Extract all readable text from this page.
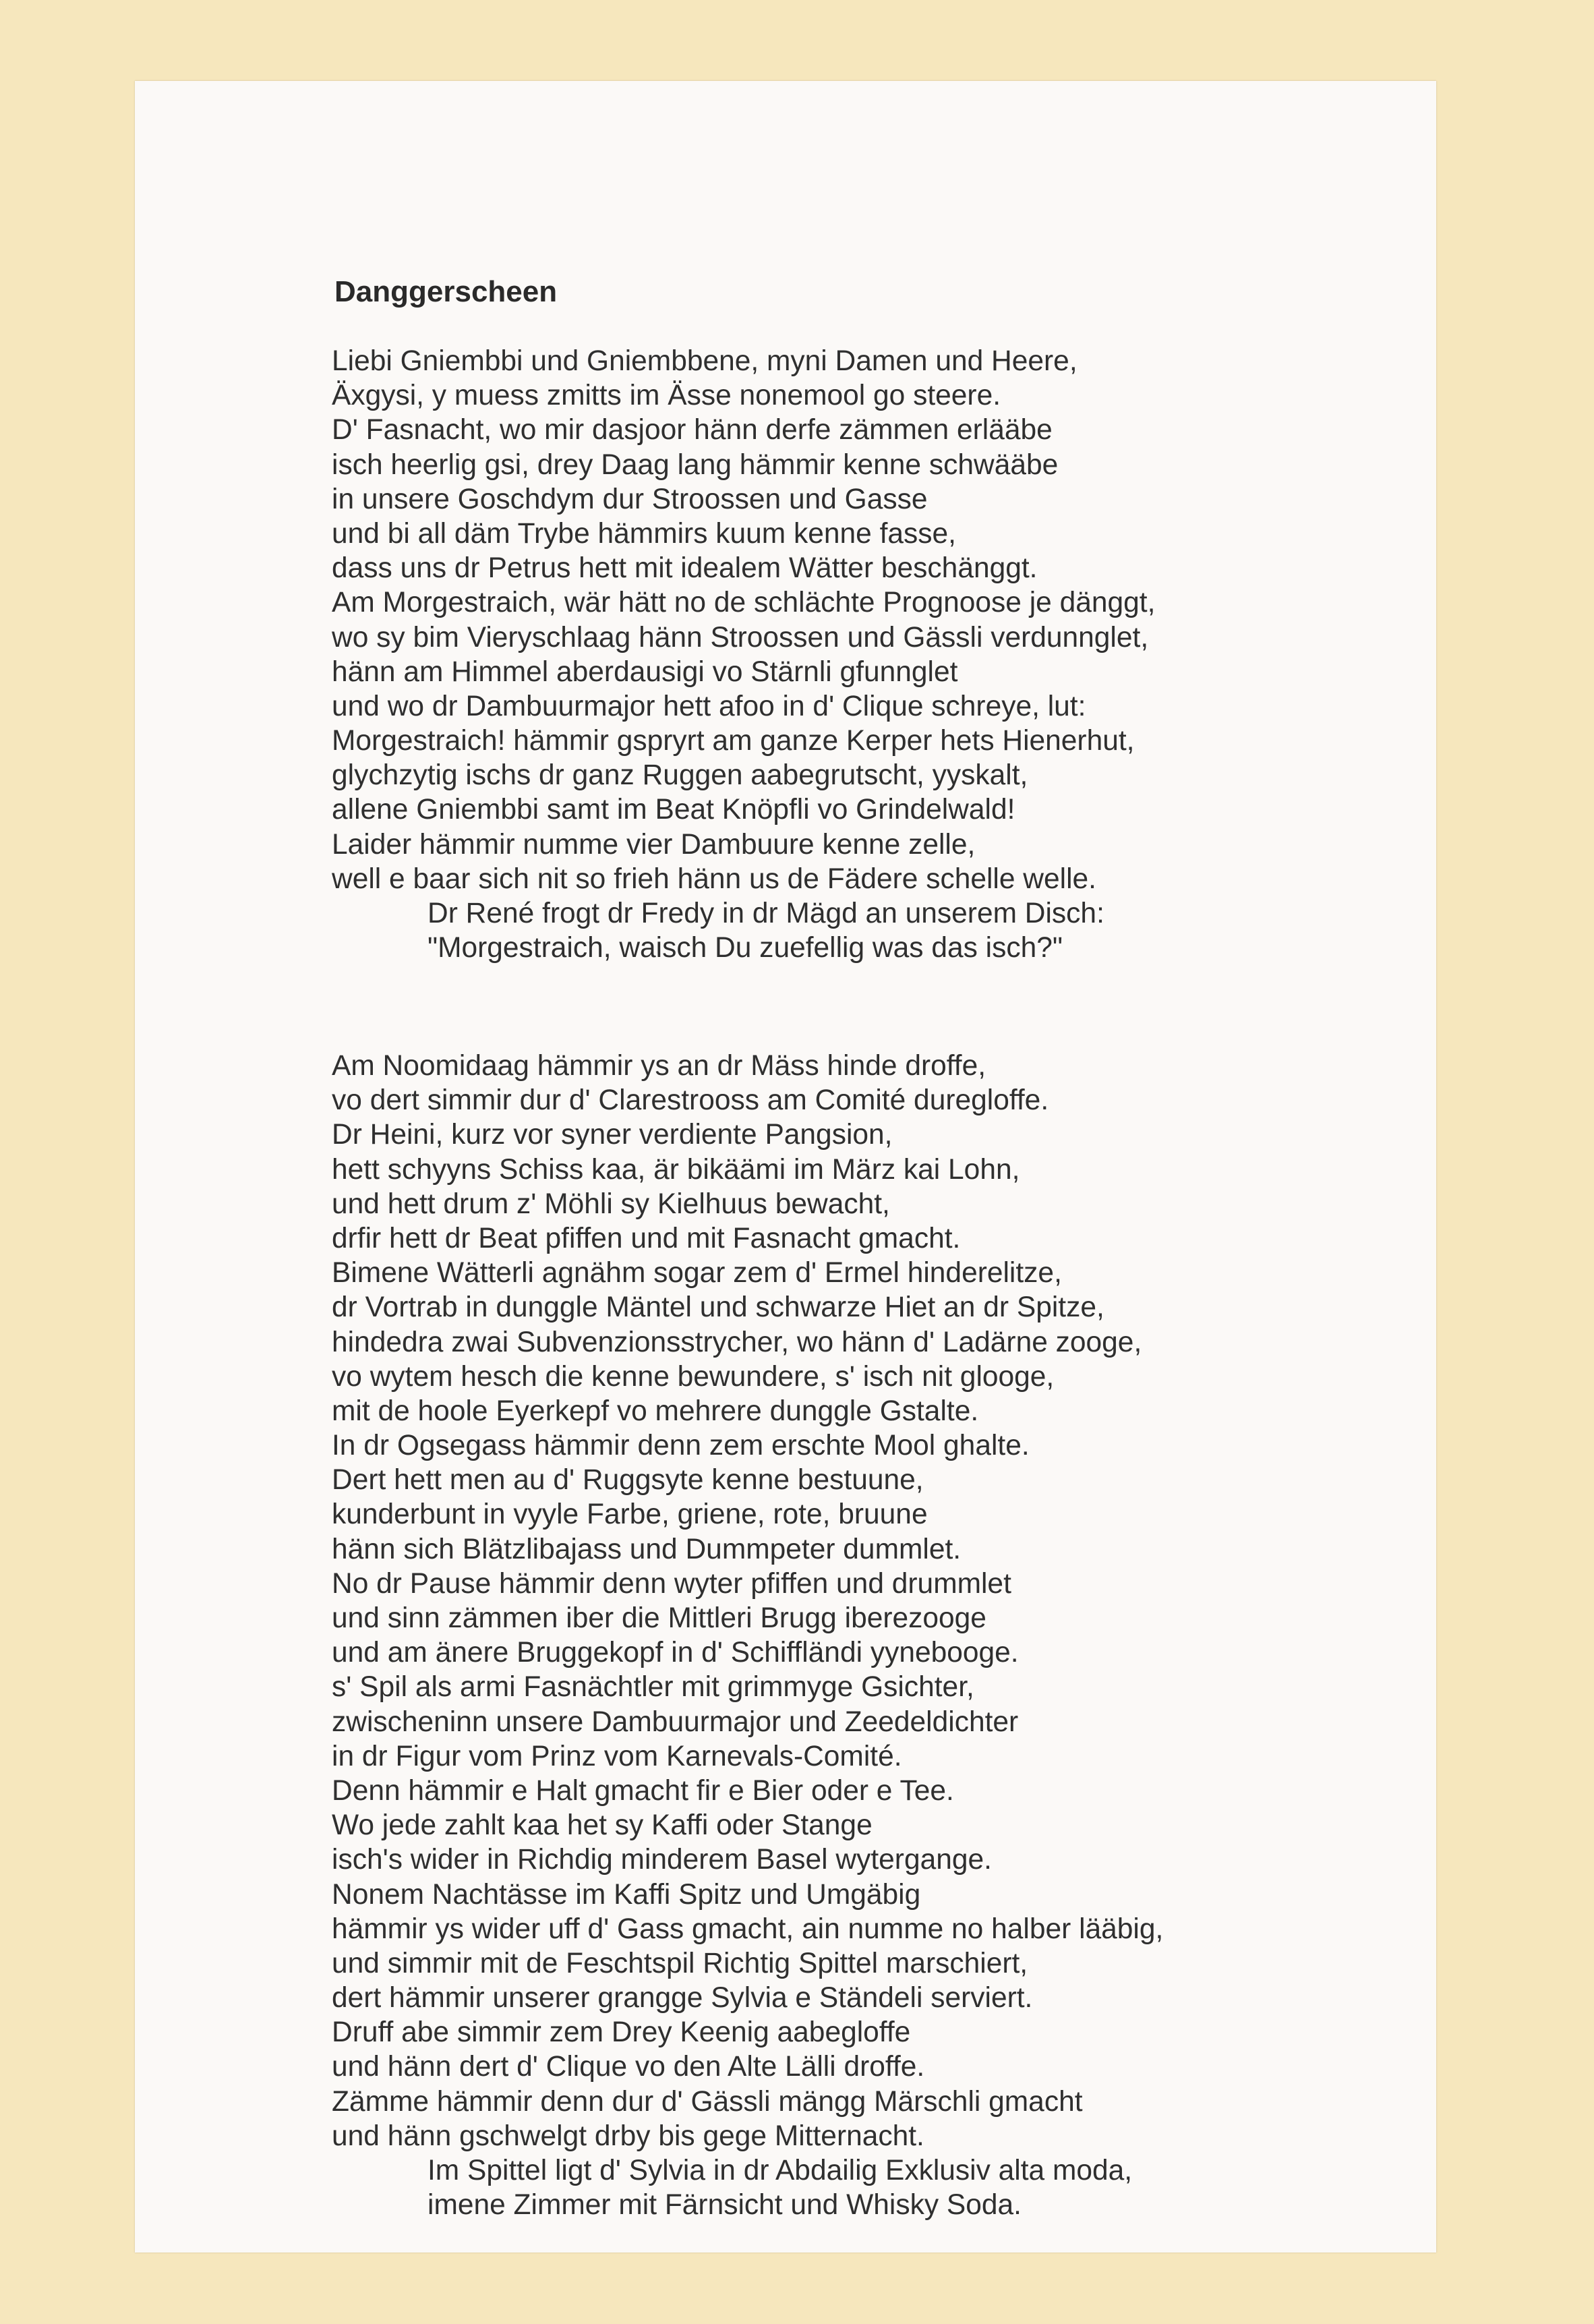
Danggerscheen

Liebi Gniembbi und Gniembbene, myni Damen und Heere,

Äxgysi, y muess zmitts im Ässe nonemool go steere.

D' Fasnacht, wo mir dasjoor hänn derfe zämmen erlääbe

isch heerlig gsi, drey Daag lang hämmir kenne schwääbe

in unsere Goschdym dur Stroossen und Gasse

und bi all däm Trybe hämmirs kuum kenne fasse,

dass uns dr Petrus hett mit idealem Wätter beschänggt.

Am Morgestraich, wär hätt no de schlächte Prognoose je dänggt,

wo sy bim Vieryschlaag hänn Stroossen und Gässli verdunnglet,

hänn am Himmel aberdausigi vo Stärnli gfunnglet

und wo dr Dambuurmajor hett afoo in d' Clique schreye, lut:

Morgestraich! hämmir gspryrt am ganze Kerper hets Hienerhut,

glychzytig ischs dr ganz Ruggen aabegrutscht, yyskalt,

allene Gniembbi samt im Beat Knöpfli vo Grindelwald!

Laider hämmir numme vier Dambuure kenne zelle,

well e baar sich nit so frieh hänn us de Fädere schelle welle.

Dr René frogt dr Fredy in dr Mägd an unserem Disch:

"Morgestraich, waisch Du zuefellig was das isch?"

Am Noomidaag hämmir ys an dr Mäss hinde droffe,

vo dert simmir dur d' Clarestrooss am Comité duregloffe.

Dr Heini, kurz vor syner verdiente Pangsion,

hett schyyns Schiss kaa, är bikäämi im März kai Lohn,

und hett drum z' Möhli sy Kielhuus bewacht,

drfir hett dr Beat pfiffen und mit Fasnacht gmacht.

Bimene Wätterli agnähm sogar zem d' Ermel hinderelitze,

dr Vortrab in dunggle Mäntel und schwarze Hiet an dr Spitze,

hindedra zwai Subvenzionsstrycher, wo hänn d' Ladärne zooge,

vo wytem hesch die kenne bewundere, s' isch nit glooge,

mit de hoole Eyerkepf vo mehrere dunggle Gstalte.

In dr Ogsegass hämmir denn zem erschte Mool ghalte.

Dert hett men au d' Ruggsyte kenne bestuune,

kunderbunt in vyyle Farbe, griene, rote, bruune

hänn sich Blätzlibajass und Dummpeter dummlet.

No dr Pause hämmir denn wyter pfiffen und drummlet

und sinn zämmen iber die Mittleri Brugg iberezooge

und am änere Bruggekopf in d' Schiffländi yyneboogе.

s' Spil als armi Fasnächtler mit grimmyge Gsichter,

zwischeninn unsere Dambuurmajor und Zeedeldichter

in dr Figur vom Prinz vom Karnevals-Comité.

Denn hämmir e Halt gmacht fir e Bier oder e Tee.

Wo jede zahlt kaa het sy Kaffi oder Stange

isch's wider in Richdig minderem Basel wytergange.

Nonem Nachtässe im Kaffi Spitz und Umgäbig

hämmir ys wider uff d' Gass gmacht, ain numme no halber lääbig,

und simmir mit de Feschtspil Richtig Spittel marschiert,

dert hämmir unserer grangge Sylvia e Ständeli serviert.

Druff abe simmir zem Drey Keenig aabegloffe

und hänn dert d' Clique vo den Alte Lälli droffe.

Zämme hämmir denn dur d' Gässli mängg Märschli gmacht

und hänn gschwelgt drby bis gege Mitternacht.

Im Spittel ligt d' Sylvia in dr Abdailig Exklusiv alta moda,

imene Zimmer mit Färnsicht und Whisky Soda.
